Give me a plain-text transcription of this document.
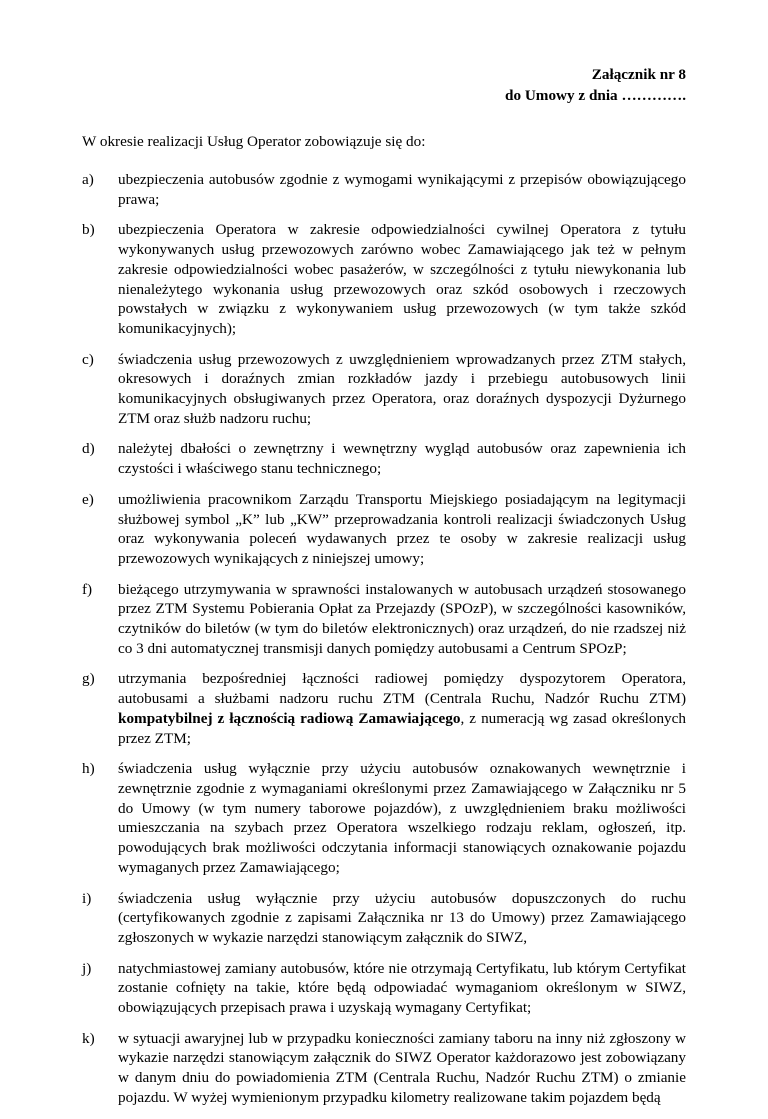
Załącznik nr 8
do Umowy z dnia ………….
W okresie realizacji Usług Operator zobowiązuje się do:
a) ubezpieczenia autobusów zgodnie z wymogami wynikającymi z przepisów obowiązującego prawa;
b) ubezpieczenia Operatora w zakresie odpowiedzialności cywilnej Operatora z tytułu wykonywanych usług przewozowych zarówno wobec Zamawiającego jak też w pełnym zakresie odpowiedzialności wobec pasażerów, w szczególności z tytułu niewykonania lub nienależytego wykonania usług przewozowych oraz szkód osobowych i rzeczowych powstałych w związku z wykonywaniem usług przewozowych (w tym także szkód komunikacyjnych);
c) świadczenia usług przewozowych z uwzględnieniem wprowadzanych przez ZTM stałych, okresowych i doraźnych zmian rozkładów jazdy i przebiegu autobusowych linii komunikacyjnych obsługiwanych przez Operatora, oraz doraźnych dyspozycji Dyżurnego ZTM oraz służb nadzoru ruchu;
d) należytej dbałości o zewnętrzny i wewnętrzny wygląd autobusów oraz zapewnienia ich czystości i właściwego stanu technicznego;
e) umożliwienia pracownikom Zarządu Transportu Miejskiego posiadającym na legitymacji służbowej symbol „K” lub „KW” przeprowadzania kontroli realizacji świadczonych Usług oraz wykonywania poleceń wydawanych przez te osoby w zakresie realizacji usług przewozowych wynikających z niniejszej umowy;
f) bieżącego utrzymywania w sprawności instalowanych w autobusach urządzeń stosowanego przez ZTM Systemu Pobierania Opłat za Przejazdy (SPOzP), w szczególności kasowników, czytników do biletów (w tym do biletów elektronicznych) oraz urządzeń, do nie rzadszej niż co 3 dni automatycznej transmisji danych pomiędzy autobusami a Centrum SPOzP;
g) utrzymania bezpośredniej łączności radiowej pomiędzy dyspozytorem Operatora, autobusami a służbami nadzoru ruchu ZTM (Centrala Ruchu, Nadzór Ruchu ZTM) kompatybilnej z łącznością radiową Zamawiającego, z numeracją wg zasad określonych przez ZTM;
h) świadczenia usług wyłącznie przy użyciu autobusów oznakowanych wewnętrznie i zewnętrznie zgodnie z wymaganiami określonymi przez Zamawiającego w Załączniku nr 5 do Umowy (w tym numery taborowe pojazdów), z uwzględnieniem braku możliwości umieszczania na szybach przez Operatora wszelkiego rodzaju reklam, ogłoszeń, itp. powodujących brak możliwości odczytania informacji stanowiących oznakowanie pojazdu wymaganych przez Zamawiającego;
i) świadczenia usług wyłącznie przy użyciu autobusów dopuszczonych do ruchu (certyfikowanych zgodnie z zapisami Załącznika nr 13 do Umowy) przez Zamawiającego zgłoszonych w wykazie narzędzi stanowiącym załącznik do SIWZ,
j) natychmiastowej zamiany autobusów, które nie otrzymają Certyfikatu, lub którym Certyfikat zostanie cofnięty na takie, które będą odpowiadać wymaganiom określonym w SIWZ, obowiązujących przepisach prawa i uzyskają wymagany Certyfikat;
k) w sytuacji awaryjnej lub w przypadku konieczności zamiany taboru na inny niż zgłoszony w wykazie narzędzi stanowiącym załącznik do SIWZ Operator każdorazowo jest zobowiązany w danym dniu do powiadomienia ZTM (Centrala Ruchu, Nadzór Ruchu ZTM) o zmianie pojazdu. W wyżej wymienionym przypadku kilometry realizowane takim pojazdem będą
